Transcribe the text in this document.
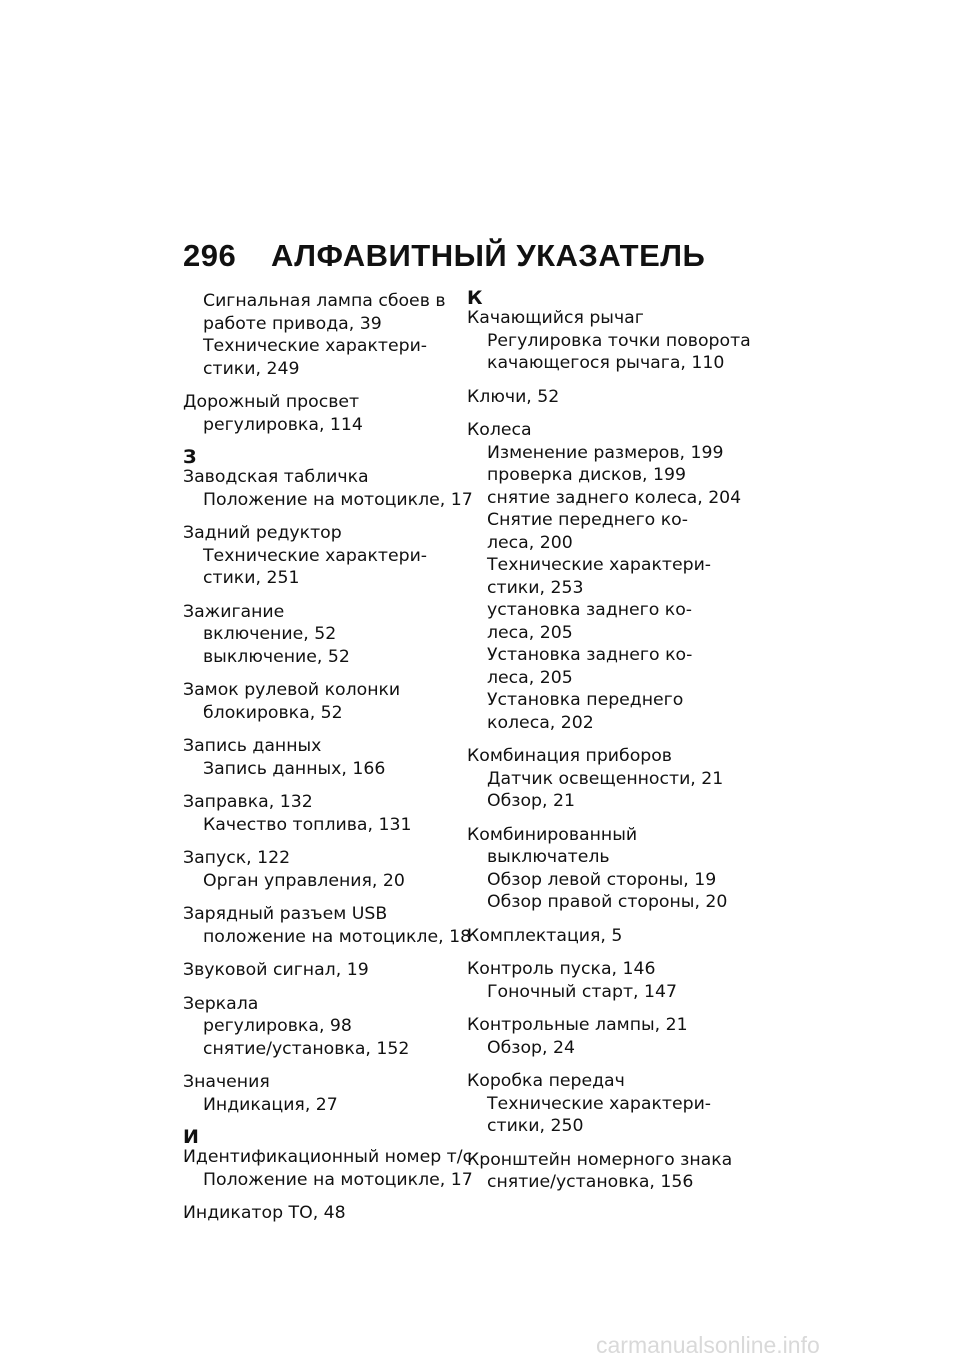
296 АЛФАВИТНЫЙ УКАЗАТЕЛЬ
Сигнальная лампа сбоев в
работе привода, 39
Технические характери-
стики, 249
Дорожный просвет
регулировка, 114
З
Заводская табличка
Положение на мотоцикле, 17
Задний редуктор
Технические характери-
стики, 251
Зажигание
включение, 52
выключение, 52
Замок рулевой колонки
блокировка, 52
Запись данных
Запись данных, 166
Заправка, 132
Качество топлива, 131
Запуск, 122
Орган управления, 20
Зарядный разъем USB
положение на мотоцикле, 18
Звуковой сигнал, 19
Зеркала
регулировка, 98
снятие/установка, 152
Значения
Индикация, 27
И
Идентификационный номер т/с
Положение на мотоцикле, 17
Индикатор ТО, 48
К
Качающийся рычаг
Регулировка точки поворота
качающегося рычага, 110
Ключи, 52
Колеса
Изменение размеров, 199
проверка дисков, 199
снятие заднего колеса, 204
Снятие переднего ко-
леса, 200
Технические характери-
стики, 253
установка заднего ко-
леса, 205
Установка заднего ко-
леса, 205
Установка переднего
колеса, 202
Комбинация приборов
Датчик освещенности, 21
Обзор, 21
Комбинированный
выключатель
Обзор левой стороны, 19
Обзор правой стороны, 20
Комплектация, 5
Контроль пуска, 146
Гоночный старт, 147
Контрольные лампы, 21
Обзор, 24
Коробка передач
Технические характери-
стики, 250
Кронштейн номерного знака
снятие/установка, 156
carmanualsonline.info
